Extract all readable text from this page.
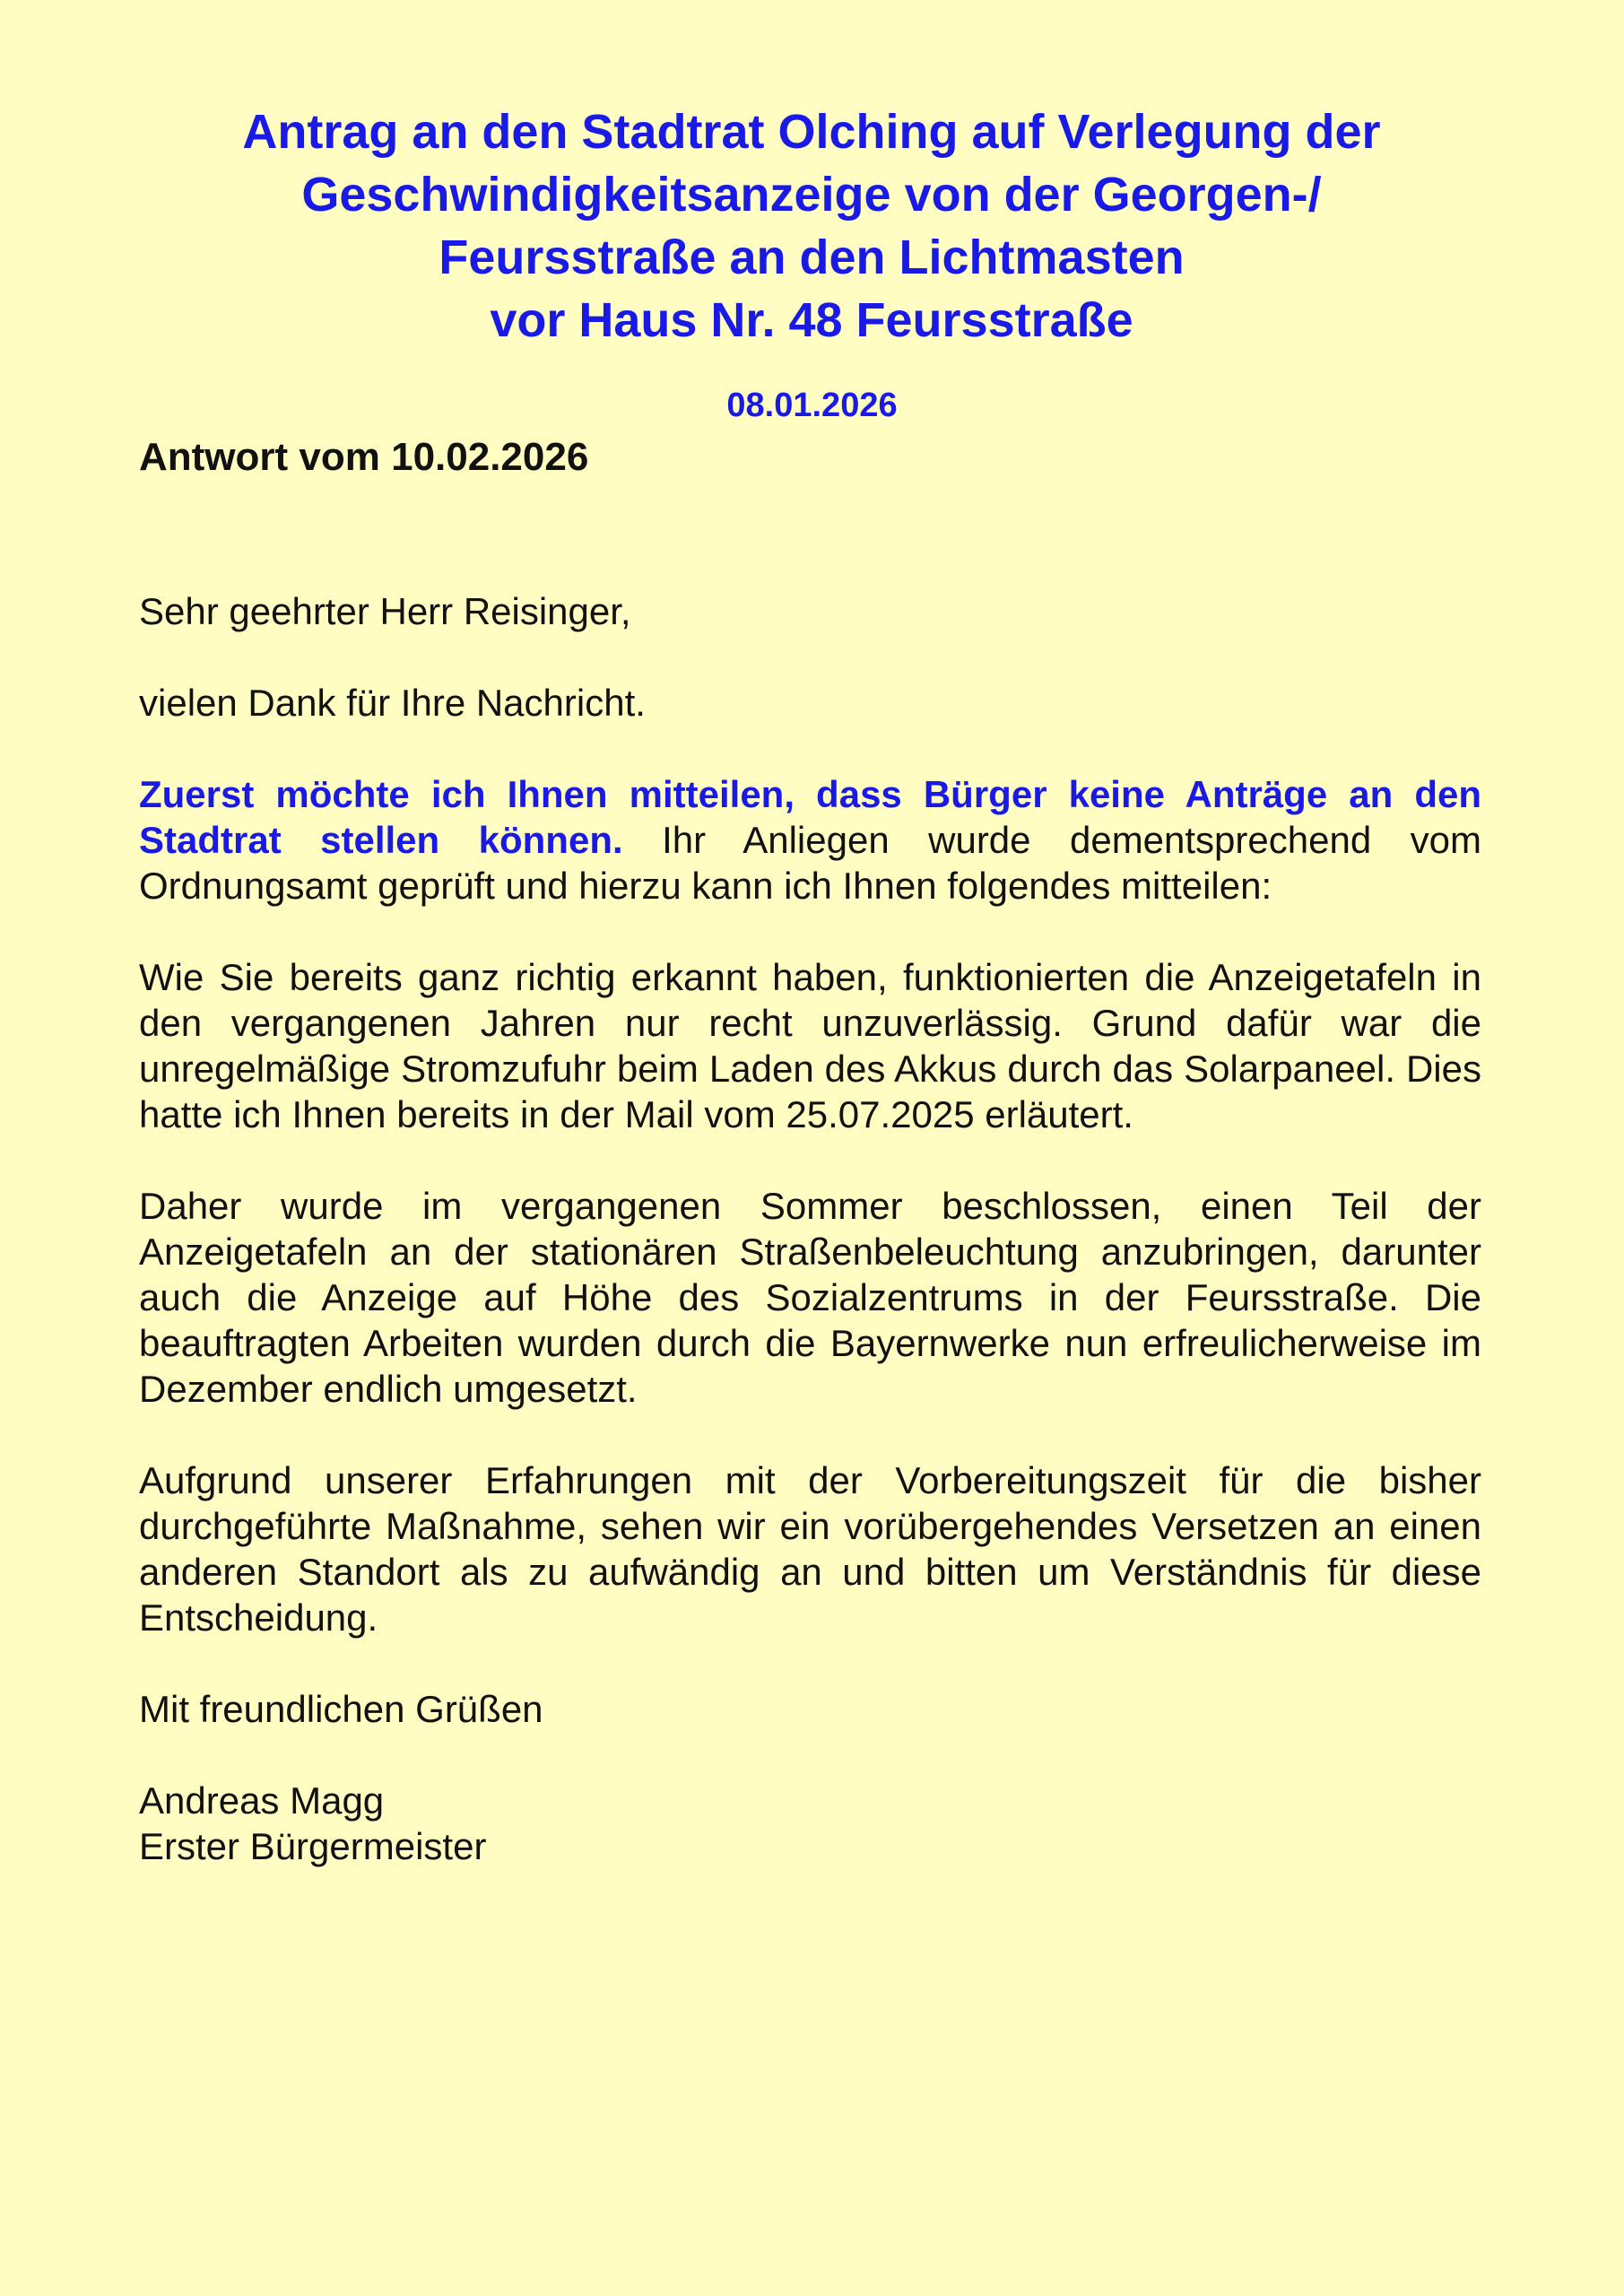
Antrag an den Stadtrat Olching auf Verlegung der
Geschwindigkeitsanzeige von der Georgen-/
Feursstraße an den Lichtmasten
vor Haus Nr. 48 Feursstraße
08.01.2026
Antwort vom 10.02.2026

Sehr geehrter Herr Reisinger,

vielen Dank für Ihre Nachricht.

Zuerst möchte ich Ihnen mitteilen, dass Bürger keine Anträge an den Stadtrat stellen können. Ihr Anliegen wurde dementsprechend vom Ordnungsamt geprüft und hierzu kann ich Ihnen folgendes mitteilen:

Wie Sie bereits ganz richtig erkannt haben, funktionierten die Anzeigetafeln in den vergangenen Jahren nur recht unzuverlässig. Grund dafür war die unregelmäßige Stromzufuhr beim Laden des Akkus durch das Solarpaneel. Dies hatte ich Ihnen bereits in der Mail vom 25.07.2025 erläutert.

Daher wurde im vergangenen Sommer beschlossen, einen Teil der Anzeigetafeln an der stationären Straßenbeleuchtung anzubringen, darunter auch die Anzeige auf Höhe des Sozialzentrums in der Feursstraße. Die beauftragten Arbeiten wurden durch die Bayernwerke nun erfreulicherweise im Dezember endlich umgesetzt.

Aufgrund unserer Erfahrungen mit der Vorbereitungszeit für die bisher durchgeführte Maßnahme, sehen wir ein vorübergehendes Versetzen an einen anderen Standort als zu aufwändig an und bitten um Verständnis für diese Entscheidung.

Mit freundlichen Grüßen

Andreas Magg
Erster Bürgermeister
